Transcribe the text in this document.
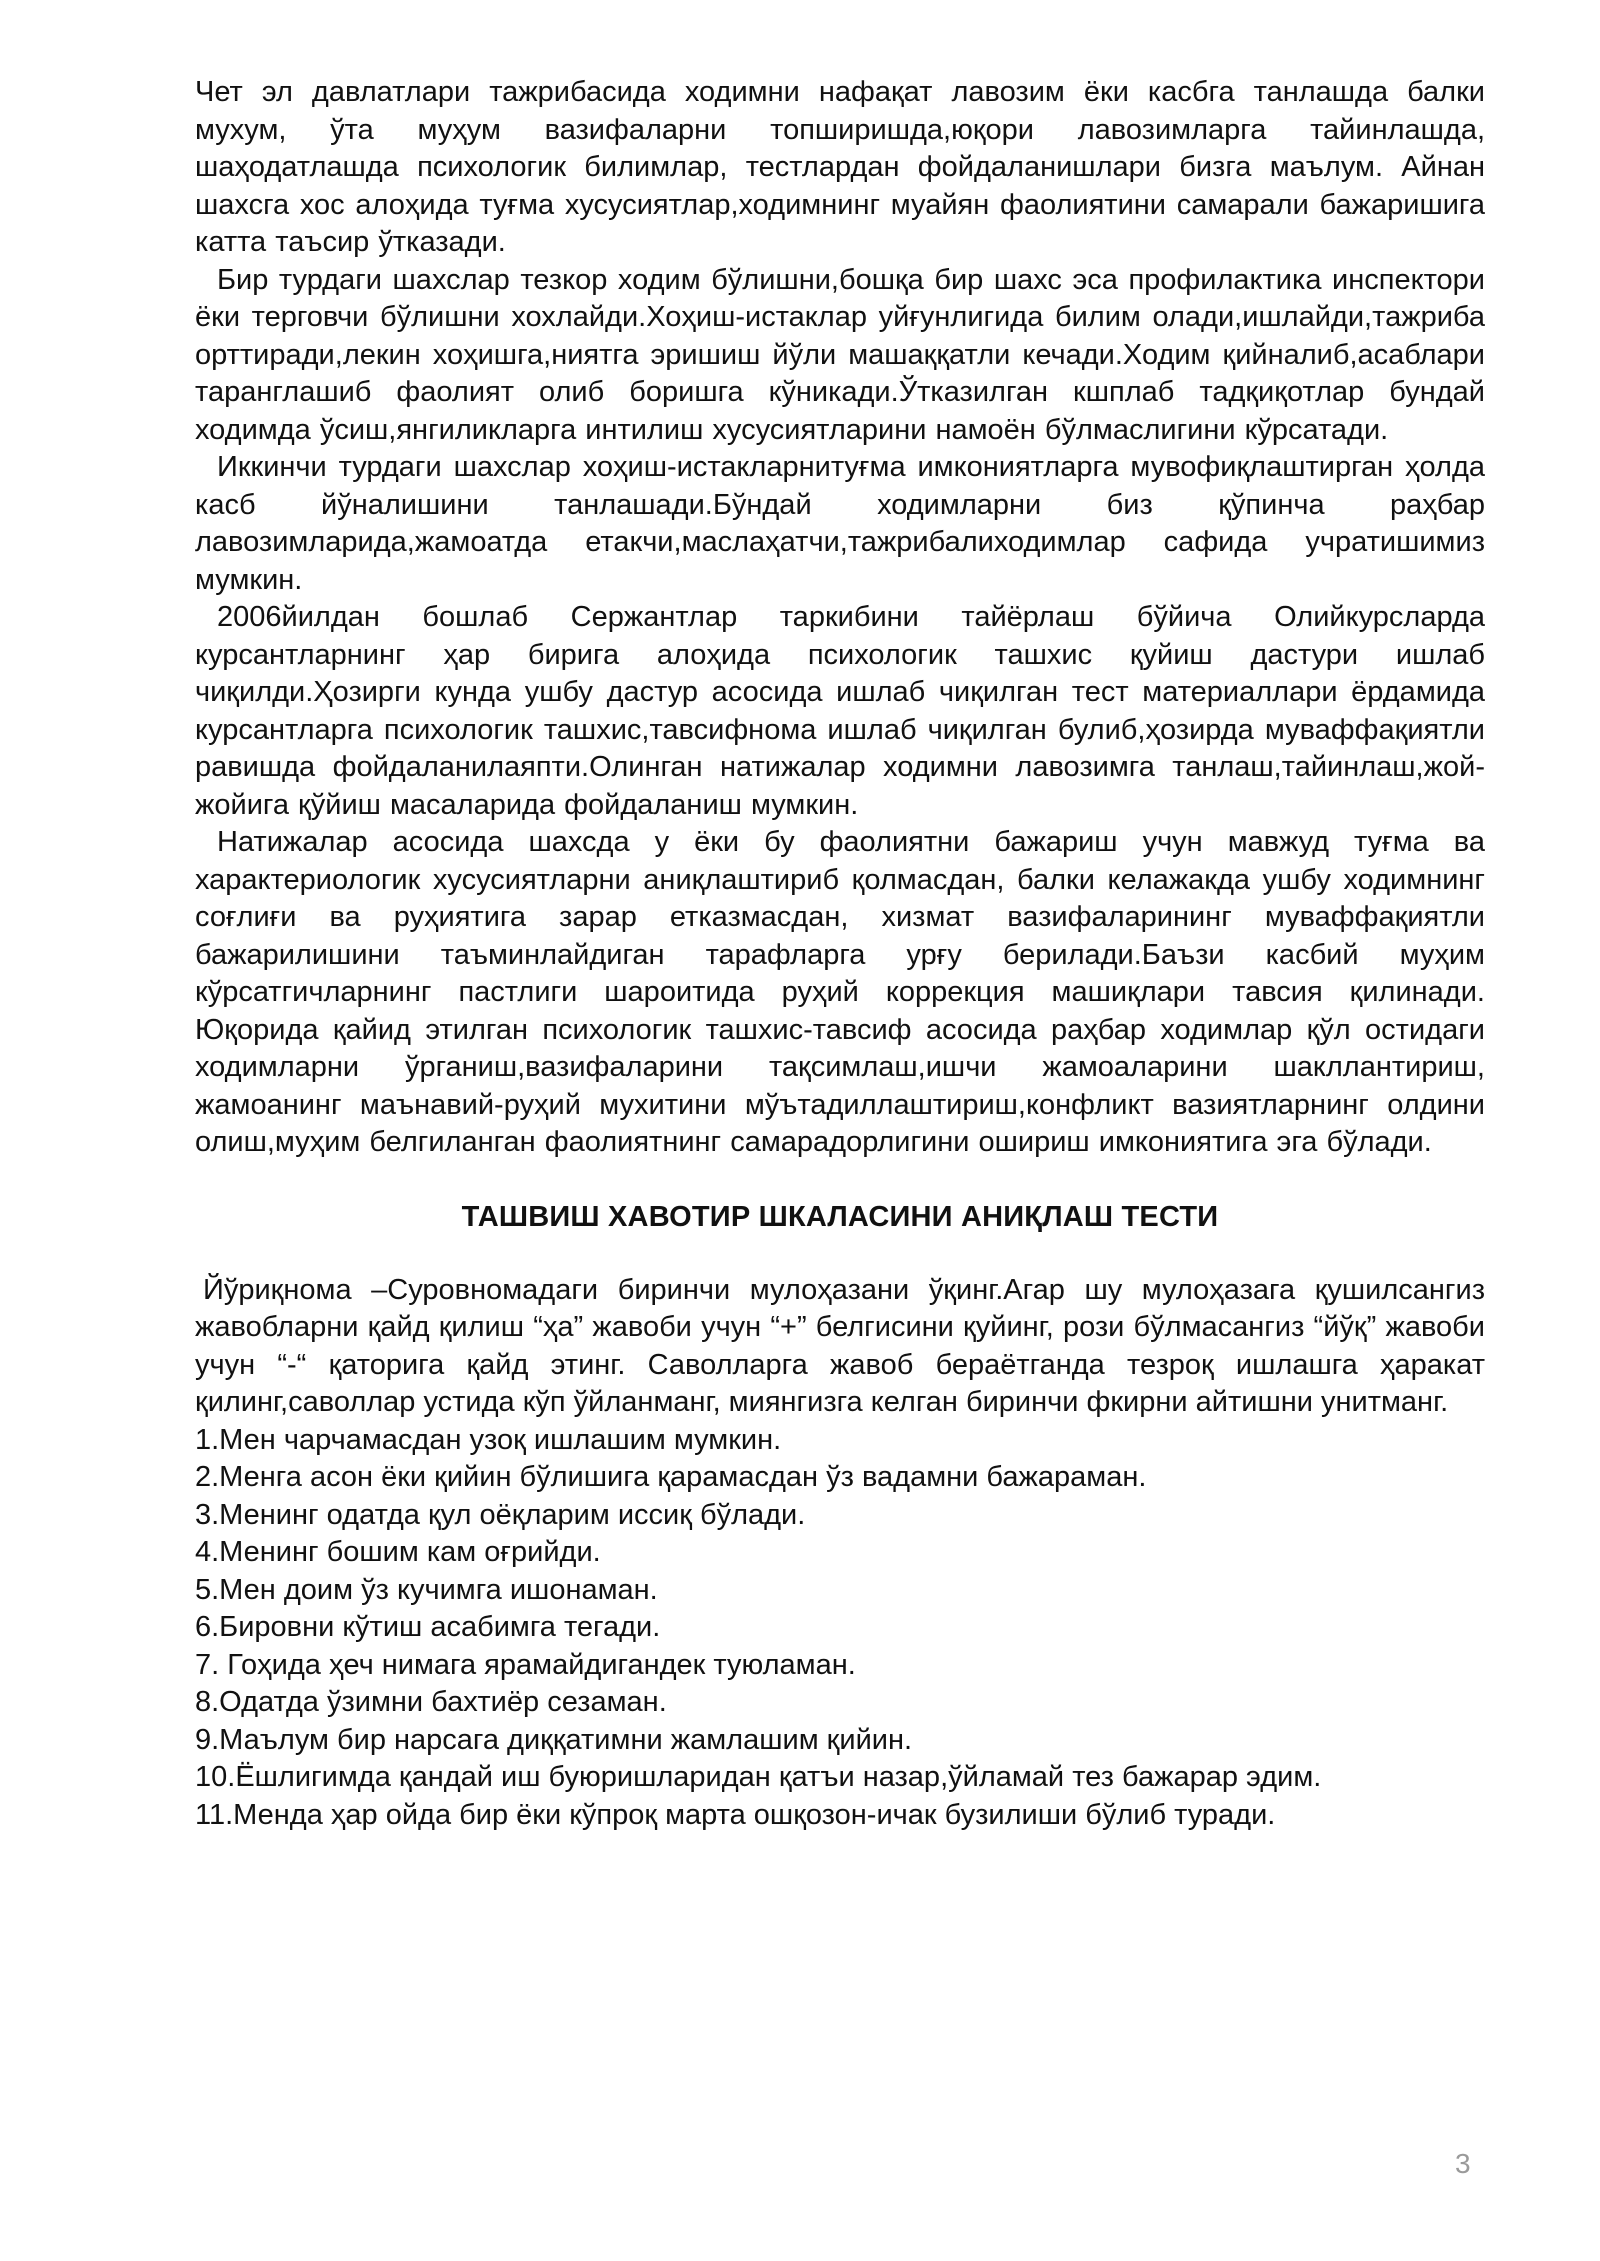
Чет эл давлатлари тажрибасида ходимни нафақат лавозим ёки касбга танлашда балки мухум, ўта муҳум вазифаларни топширишда,юқори лавозимларга тайинлашда, шаҳодатлашда психологик билимлар, тестлардан фойдаланишлари бизга маълум. Айнан шахсга хос алоҳида туғма хусусиятлар,ходимнинг муайян фаолиятини самарали бажаришига катта таъсир ўтказади.

Бир турдаги шахслар тезкор ходим бўлишни,бошқа бир шахс эса профилактика инспектори ёки терговчи бўлишни хохлайди.Хоҳиш-истаклар уйғунлигида билим олади,ишлайди,тажриба орттиради,лекин хоҳишга,ниятга эришиш йўли машаққатли кечади.Ходим қийналиб,асаблари таранглашиб фаолият олиб боришга кўникади.Ўтказилган кшплаб тадқиқотлар бундай ходимда ўсиш,янгиликларга интилиш хусусиятларини намоён бўлмаслигини кўрсатади.

Иккинчи турдаги шахслар хоҳиш-истакларнитуғма имкониятларга мувофиқлаштирган ҳолда касб йўналишини танлашади.Бўндай ходимларни биз қўпинча раҳбар лавозимларида,жамоатда етакчи,маслаҳатчи,тажрибалиходимлар сафида учратишимиз мумкин.

2006йилдан бошлаб Сержантлар таркибини тайёрлаш бўйича Олийкурсларда курсантларнинг ҳар бирига алоҳида психологик ташхис қуйиш дастури ишлаб чиқилди.Ҳозирги кунда ушбу дастур асосида ишлаб чиқилган тест материаллари ёрдамида курсантларга психологик ташхис,тавсифнома ишлаб чиқилган булиб,ҳозирда муваффақиятли равишда фойдаланилаяпти.Олинган натижалар ходимни лавозимга танлаш,тайинлаш,жой-жойига қўйиш масаларида фойдаланиш мумкин.

Натижалар асосида шахсда у ёки бу фаолиятни бажариш учун мавжуд туғма ва характериологик хусусиятларни аниқлаштириб қолмасдан, балки келажакда ушбу ходимнинг соғлиғи ва руҳиятига зарар етказмасдан, хизмат вазифаларининг муваффақиятли бажарилишини таъминлайдиган тарафларга урғу берилади.Баъзи касбий муҳим кўрсатгичларнинг пастлиги шароитида руҳий коррекция машиқлари тавсия қилинади. Юқорида қайид этилган психологик ташхис-тавсиф асосида раҳбар ходимлар қўл остидаги ходимларни ўрганиш,вазифаларини тақсимлаш,ишчи жамоаларини шакллантириш, жамоанинг маънавий-руҳий мухитини мўътадиллаштириш,конфликт вазиятларнинг олдини олиш,муҳим белгиланган фаолиятнинг самарадорлигини ошириш имкониятига эга бўлади.

ТАШВИШ ХАВОТИР ШКАЛАСИНИ АНИҚЛАШ ТЕСТИ

Йўриқнома –Суровномадаги биринчи мулоҳазани ўқинг.Агар шу мулоҳазага қушилсангиз жавобларни қайд қилиш “ҳа” жавоби учун “+” белгисини қуйинг, рози бўлмасангиз “йўқ” жавоби учун “-“ қаторига қайд этинг. Саволларга жавоб бераётганда тезроқ ишлашга ҳаракат қилинг,саволлар устида кўп ўйланманг, миянгизга келган биринчи фкирни айтишни унитманг.

1.Мен чарчамасдан узоқ ишлашим мумкин.
2.Менга асон ёки қийин бўлишига қарамасдан ўз вадамни бажараман.
3.Менинг одатда қул оёқларим иссиқ бўлади.
4.Менинг бошим кам оғрийди.
5.Мен доим ўз кучимга ишонаман.
6.Бировни кўтиш асабимга тегади.
7. Гоҳида ҳеч нимага ярамайдигандек туюламан.
8.Одатда ўзимни бахтиёр сезаман.
9.Маълум бир нарсага диққатимни жамлашим қийин.
10.Ёшлигимда қандай иш буюришларидан қатъи назар,ўйламай тез бажарар эдим.
11.Менда ҳар ойда бир ёки кўпроқ марта ошқозон-ичак бузилиши бўлиб туради.
3
